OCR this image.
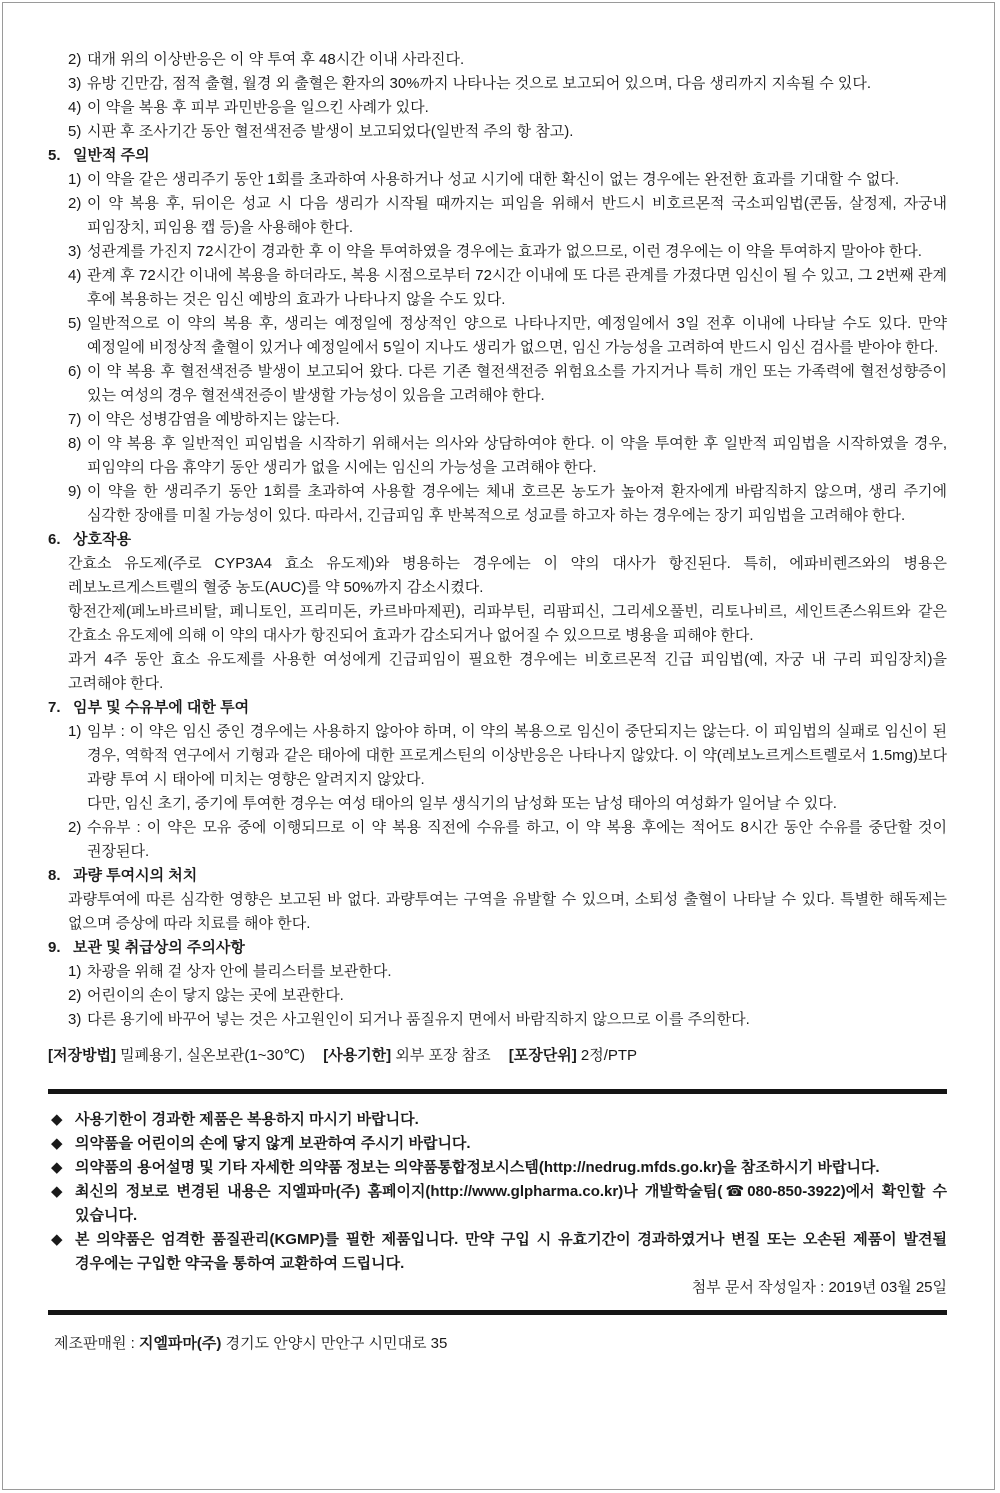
2) 대개 위의 이상반응은 이 약 투여 후 48시간 이내 사라진다.
3) 유방 긴만감, 점적 출혈, 월경 외 출혈은 환자의 30%까지 나타나는 것으로 보고되어 있으며, 다음 생리까지 지속될 수 있다.
4) 이 약을 복용 후 피부 과민반응을 일으킨 사례가 있다.
5) 시판 후 조사기간 동안 혈전색전증 발생이 보고되었다(일반적 주의 항 참고).
5. 일반적 주의
1) 이 약을 같은 생리주기 동안 1회를 초과하여 사용하거나 성교 시기에 대한 확신이 없는 경우에는 완전한 효과를 기대할 수 없다.
2) 이 약 복용 후, 뒤이은 성교 시 다음 생리가 시작될 때까지는 피임을 위해서 반드시 비호르몬적 국소피임법(콘돔, 살정제, 자궁내 피임장치, 피임용 캡 등)을 사용해야 한다.
3) 성관계를 가진지 72시간이 경과한 후 이 약을 투여하였을 경우에는 효과가 없으므로, 이런 경우에는 이 약을 투여하지 말아야 한다.
4) 관계 후 72시간 이내에 복용을 하더라도, 복용 시점으로부터 72시간 이내에 또 다른 관계를 가졌다면 임신이 될 수 있고, 그 2번째 관계 후에 복용하는 것은 임신 예방의 효과가 나타나지 않을 수도 있다.
5) 일반적으로 이 약의 복용 후, 생리는 예정일에 정상적인 양으로 나타나지만, 예정일에서 3일 전후 이내에 나타날 수도 있다. 만약 예정일에 비정상적 출혈이 있거나 예정일에서 5일이 지나도 생리가 없으면, 임신 가능성을 고려하여 반드시 임신 검사를 받아야 한다.
6) 이 약 복용 후 혈전색전증 발생이 보고되어 왔다. 다른 기존 혈전색전증 위험요소를 가지거나 특히 개인 또는 가족력에 혈전성향증이 있는 여성의 경우 혈전색전증이 발생할 가능성이 있음을 고려해야 한다.
7) 이 약은 성병감염을 예방하지는 않는다.
8) 이 약 복용 후 일반적인 피임법을 시작하기 위해서는 의사와 상담하여야 한다. 이 약을 투여한 후 일반적 피임법을 시작하였을 경우, 피임약의 다음 휴약기 동안 생리가 없을 시에는 임신의 가능성을 고려해야 한다.
9) 이 약을 한 생리주기 동안 1회를 초과하여 사용할 경우에는 체내 호르몬 농도가 높아져 환자에게 바람직하지 않으며, 생리 주기에 심각한 장애를 미칠 가능성이 있다. 따라서, 긴급피임 후 반복적으로 성교를 하고자 하는 경우에는 장기 피임법을 고려해야 한다.
6. 상호작용
간효소 유도제(주로 CYP3A4 효소 유도제)와 병용하는 경우에는 이 약의 대사가 항진된다. 특히, 에파비렌즈와의 병용은 레보노르게스트렐의 혈중 농도(AUC)를 약 50%까지 감소시켰다.
항전간제(페노바르비탈, 페니토인, 프리미돈, 카르바마제핀), 리파부틴, 리팜피신, 그리세오풀빈, 리토나비르, 세인트존스워트와 같은 간효소 유도제에 의해 이 약의 대사가 항진되어 효과가 감소되거나 없어질 수 있으므로 병용을 피해야 한다.
과거 4주 동안 효소 유도제를 사용한 여성에게 긴급피임이 필요한 경우에는 비호르몬적 긴급 피임법(예, 자궁 내 구리 피임장치)을 고려해야 한다.
7. 임부 및 수유부에 대한 투여
1) 임부 : 이 약은 임신 중인 경우에는 사용하지 않아야 하며, 이 약의 복용으로 임신이 중단되지는 않는다. 이 피임법의 실패로 임신이 된 경우, 역학적 연구에서 기형과 같은 태아에 대한 프로게스틴의 이상반응은 나타나지 않았다. 이 약(레보노르게스트렐로서 1.5mg)보다 과량 투여 시 태아에 미치는 영향은 알려지지 않았다.
다만, 임신 초기, 중기에 투여한 경우는 여성 태아의 일부 생식기의 남성화 또는 남성 태아의 여성화가 일어날 수 있다.
2) 수유부 : 이 약은 모유 중에 이행되므로 이 약 복용 직전에 수유를 하고, 이 약 복용 후에는 적어도 8시간 동안 수유를 중단할 것이 권장된다.
8. 과량 투여시의 처치
과량투여에 따른 심각한 영향은 보고된 바 없다. 과량투여는 구역을 유발할 수 있으며, 소퇴성 출혈이 나타날 수 있다. 특별한 해독제는 없으며 증상에 따라 치료를 해야 한다.
9. 보관 및 취급상의 주의사항
1) 차광을 위해 겉 상자 안에 블리스터를 보관한다.
2) 어린이의 손이 닿지 않는 곳에 보관한다.
3) 다른 용기에 바꾸어 넣는 것은 사고원인이 되거나 품질유지 면에서 바람직하지 않으므로 이를 주의한다.
[저장방법] 밀폐용기, 실온보관(1~30℃) [사용기한] 외부 포장 참조 [포장단위] 2정/PTP
◆ 사용기한이 경과한 제품은 복용하지 마시기 바랍니다.
◆ 의약품을 어린이의 손에 닿지 않게 보관하여 주시기 바랍니다.
◆ 의약품의 용어설명 및 기타 자세한 의약품 정보는 의약품통합정보시스템(http://nedrug.mfds.go.kr)을 참조하시기 바랍니다.
◆ 최신의 정보로 변경된 내용은 지엘파마(주) 홈페이지(http://www.glpharma.co.kr)나 개발학술팀(☎080-850-3922)에서 확인할 수 있습니다.
◆ 본 의약품은 엄격한 품질관리(KGMP)를 필한 제품입니다. 만약 구입 시 유효기간이 경과하였거나 변질 또는 오손된 제품이 발견될 경우에는 구입한 약국을 통하여 교환하여 드립니다.
첨부 문서 작성일자 : 2019년 03월 25일
제조판매원 : 지엘파마(주) 경기도 안양시 만안구 시민대로 35
